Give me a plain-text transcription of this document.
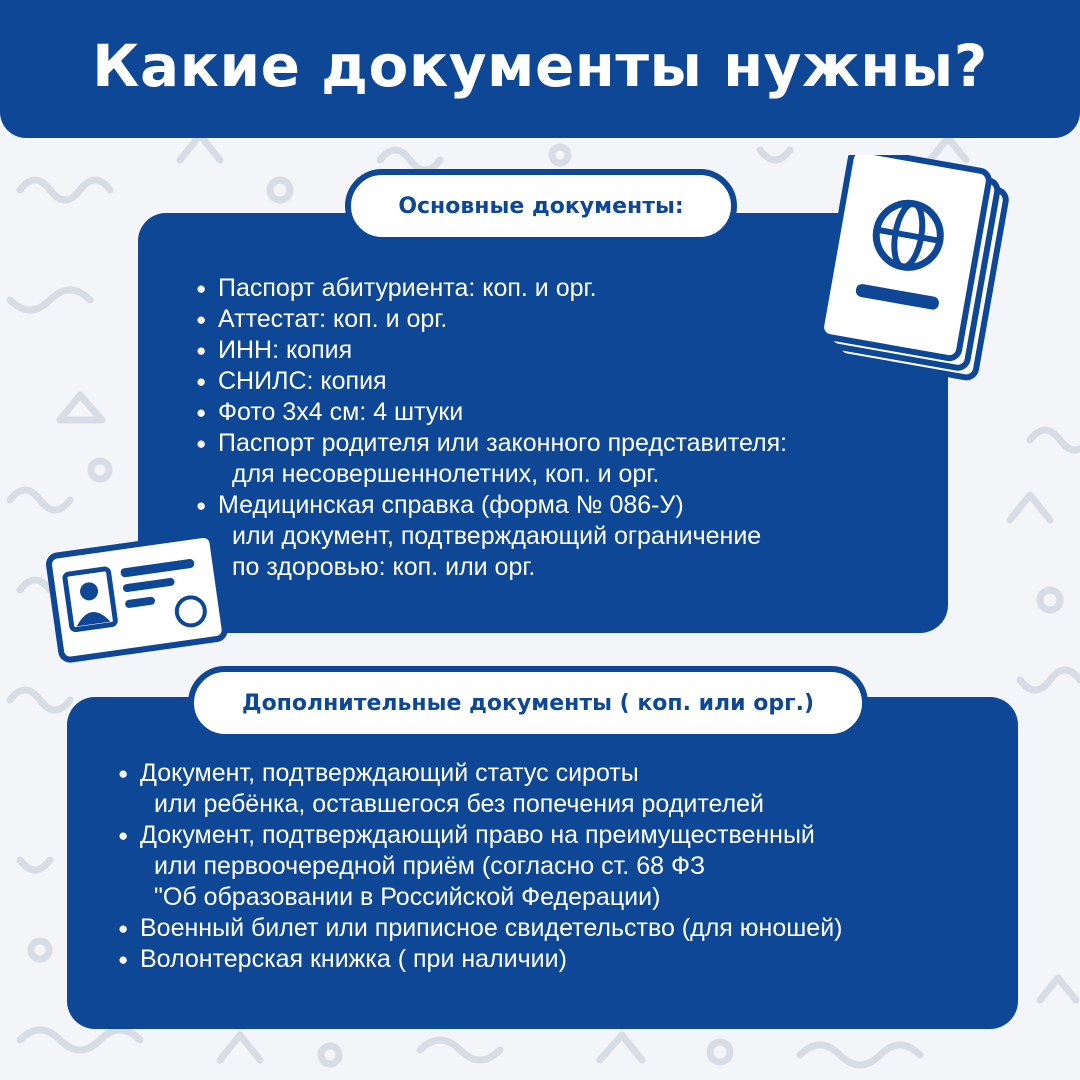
Какие документы нужны?
Основные документы:
● Паспорт абитуриента: коп. и орг.
● Аттестат: коп. и орг.
● ИНН: копия
● СНИЛС: копия
● Фото 3х4 см: 4 штуки
● Паспорт родителя или законного представителя:
для несовершеннолетних, коп. и орг.
● Медицинская справка (форма № 086-У)
или документ, подтверждающий ограничение
по здоровью: коп. или орг.
Дополнительные документы ( коп. или орг.)
● Документ, подтверждающий статус сироты
или ребёнка, оставшегося без попечения родителей
● Документ, подтверждающий право на преимущественный
или первоочередной приём (согласно ст. 68 ФЗ
"Об образовании в Российской Федерации)
● Военный билет или приписное свидетельство (для юношей)
● Волонтерская книжка ( при наличии)
